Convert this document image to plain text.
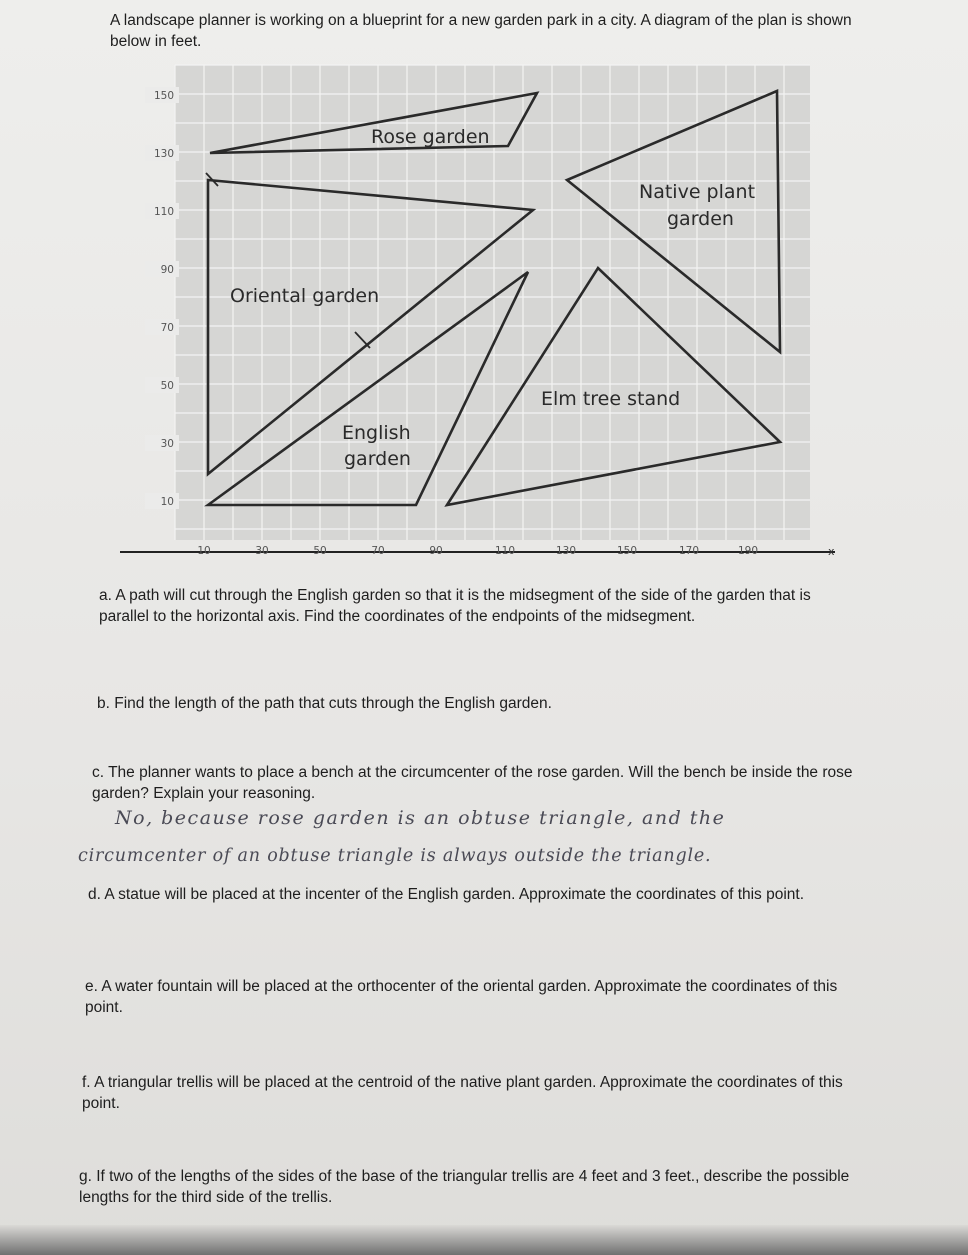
A landscape planner is working on a blueprint for a new garden park in a city. A diagram of the plan is shown below in feet.

x
150
130
110
90
70
50
30
10
10	30	50	70	90	110	130	150	170	190
Rose garden
Native plant
garden
Oriental garden
English
garden
Elm tree stand

a. A path will cut through the English garden so that it is the midsegment of the side of the garden that is parallel to the horizontal axis. Find the coordinates of the endpoints of the midsegment.

b. Find the length of the path that cuts through the English garden.

c. The planner wants to place a bench at the circumcenter of the rose garden. Will the bench be inside the rose garden? Explain your reasoning.

No, because rose garden is an obtuse triangle, and the

circumcenter of an obtuse triangle is always outside the triangle.

d. A statue will be placed at the incenter of the English garden. Approximate the coordinates of this point.

e. A water fountain will be placed at the orthocenter of the oriental garden. Approximate the coordinates of this point.

f. A triangular trellis will be placed at the centroid of the native plant garden. Approximate the coordinates of this point.

g. If two of the lengths of the sides of the base of the triangular trellis are 4 feet and 3 feet., describe the possible lengths for the third side of the trellis.
